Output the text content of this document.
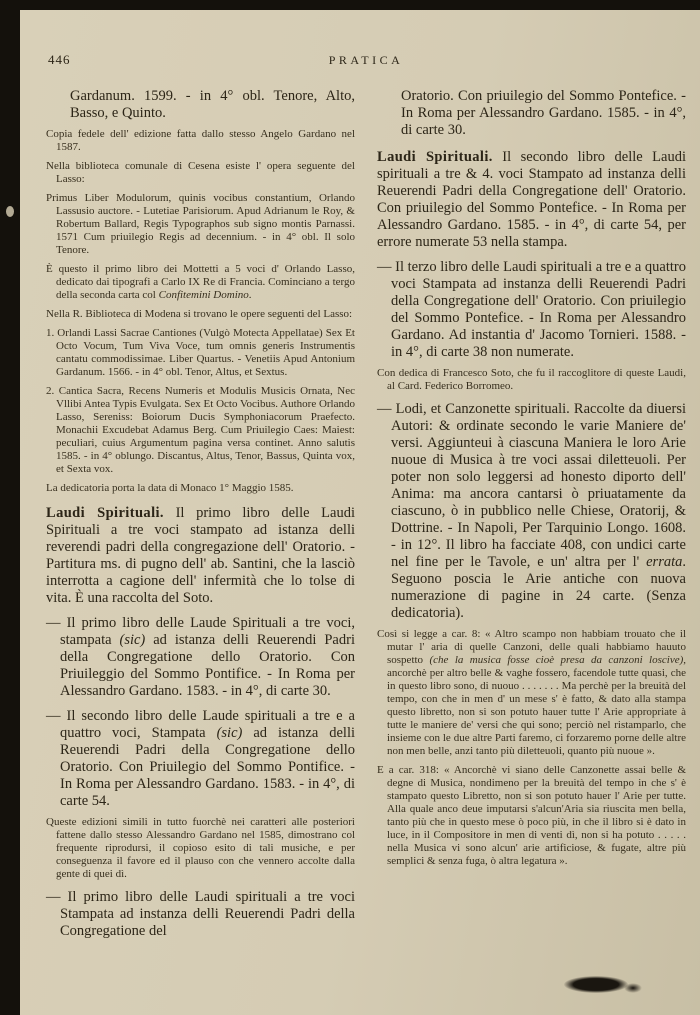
446	PRATICA

Gardanum. 1599. - in 4° obl. Tenore, Alto, Basso, e Quinto.

Copia fedele dell' edizione fatta dallo stesso Angelo Gardano nel 1587.

Nella biblioteca comunale di Cesena esiste l' opera seguente del Lasso:

Primus Liber Modulorum, quinis vocibus constantium, Orlando Lassusio auctore. - Lutetiae Parisiorum. Apud Adrianum le Roy, & Robertum Ballard, Regis Typographos sub signo montis Parnassi. 1571 Cum priuilegio Regis ad decennium. - in 4° obl. Il solo Tenore.

È questo il primo libro dei Mottetti a 5 voci d' Orlando Lasso, dedicato dai tipografi a Carlo IX Re di Francia. Cominciano a tergo della seconda carta col Confitemini Domino.

Nella R. Biblioteca di Modena si trovano le opere seguenti del Lasso:

1. Orlandi Lassi Sacrae Cantiones (Vulgò Motecta Appellatae) Sex Et Octo Vocum, Tum Viva Voce, tum omnis generis Instrumentis cantatu commodissimae. Liber Quartus. - Venetiis Apud Antonium Gardanum. 1566. - in 4° obl. Tenor, Altus, et Sextus.

2. Cantica Sacra, Recens Numeris et Modulis Musicis Ornata, Nec Vllibi Antea Typis Evulgata. Sex Et Octo Vocibus. Authore Orlando Lasso, Sereniss: Boiorum Ducis Symphoniacorum Praefecto. Monachii Excudebat Adamus Berg. Cum Priuilegio Caes: Maiest: peculiari, cuius Argumentum pagina versa continet. Anno salutis 1585. - in 4° oblungo. Discantus, Altus, Tenor, Bassus, Quinta vox, et Sexta vox.

La dedicatoria porta la data di Monaco 1° Maggio 1585.

Laudi Spirituali. Il primo libro delle Laudi Spirituali a tre voci stampato ad istanza delli reverendi padri della congregazione dell' Oratorio. - Partitura ms. di pugno dell' ab. Santini, che la lasciò interrotta a cagione dell' infermità che lo tolse di vita. È una raccolta del Soto.

— Il primo libro delle Laude Spirituali a tre voci, stampata (sic) ad istanza delli Reuerendi Padri della Congregatione dello Oratorio. Con Priuileggio del Sommo Pontifice. - In Roma per Alessandro Gardano. 1583. - in 4°, di carte 30.

— Il secondo libro delle Laude spirituali a tre e a quattro voci, Stampata (sic) ad istanza delli Reuerendi Padri della Congregatione dello Oratorio. Con Priuilegio del Sommo Pontifice. - In Roma per Alessandro Gardano. 1583. - in 4°, di carte 54.

Queste edizioni simili in tutto fuorchè nei caratteri alle posteriori fattene dallo stesso Alessandro Gardano nel 1585, dimostrano col frequente riprodursi, il copioso esito di tali musiche, e per conseguenza il favore ed il plauso con che vennero accolte dalla gente di quei dì.

— Il primo libro delle Laudi spirituali a tre voci Stampata ad instanza delli Reuerendi Padri della Congregatione del

Oratorio. Con priuilegio del Sommo Pontefice. - In Roma per Alessandro Gardano. 1585. - in 4°, di carte 30.

Laudi Spirituali. Il secondo libro delle Laudi spirituali a tre & 4. voci Stampato ad instanza delli Reuerendi Padri della Congregatione dell' Oratorio. Con priuilegio del Sommo Pontefice. - In Roma per Alessandro Gardano. 1585. - in 4°, di carte 54, per errore numerate 53 nella stampa.

— Il terzo libro delle Laudi spirituali a tre e a quattro voci Stampata ad instanza delli Reuerendi Padri della Congregatione dell' Oratorio. Con priuilegio del Sommo Pontefice. - In Roma per Alessandro Gardano. Ad instantia d' Jacomo Tornieri. 1588. - in 4°, di carte 38 non numerate.

Con dedica di Francesco Soto, che fu il raccoglitore di queste Laudi, al Card. Federico Borromeo.

— Lodi, et Canzonette spirituali. Raccolte da diuersi Autori: & ordinate secondo le varie Maniere de' versi. Aggiunteui à ciascuna Maniera le loro Arie nuoue di Musica à tre voci assai diletteuoli. Per poter non solo leggersi ad honesto diporto dell' Anima: ma ancora cantarsi ò priuatamente da ciascuno, ò in pubblico nelle Chiese, Oratorij, & Dottrine. - In Napoli, Per Tarquinio Longo. 1608. - in 12°. Il libro ha facciate 408, con undici carte nel fine per le Tavole, e un' altra per l' errata. Seguono poscia le Arie antiche con nuova numerazione di pagine in 24 carte. (Senza dedicatoria).

Così si legge a car. 8: « Altro scampo non habbiam trouato che il mutar l' aria di quelle Canzoni, delle quali habbiamo hauuto sospetto (che la musica fosse cioè presa da canzoni loscive), ancorchè per altro belle & vaghe fossero, facendole tutte quasi, che in questo libro sono, di nuouo . . . . . . . Ma perchè per la breuità del tempo, con che in men d' un mese s' è fatto, & dato alla stampa questo libretto, non si son potuto hauer tutte l' Arie appropriate à tutte le maniere de' versi che qui sono; perciò nel ristamparlo, che insieme con le due altre Parti faremo, ci forzaremo porne delle altre non men belle, anzi tanto più diletteuoli, quanto più nuoue ».

E a car. 318: « Ancorchè vi siano delle Canzonette assai belle & degne di Musica, nondimeno per la breuità del tempo in che s' è stampato questo Libretto, non si son potuto hauer l' Arie per tutte. Alla quale anco deue imputarsi s'alcun'Aria sia riuscita men bella, tanto più che in questo mese ò poco più, in che il libro si è dato in luce, in il Compositore in men di venti dì, non si ha potuto . . . . . nella Musica vi sono alcun' arie artificiose, & fugate, altre più semplici & senza fuga, ò altra legatura ».
